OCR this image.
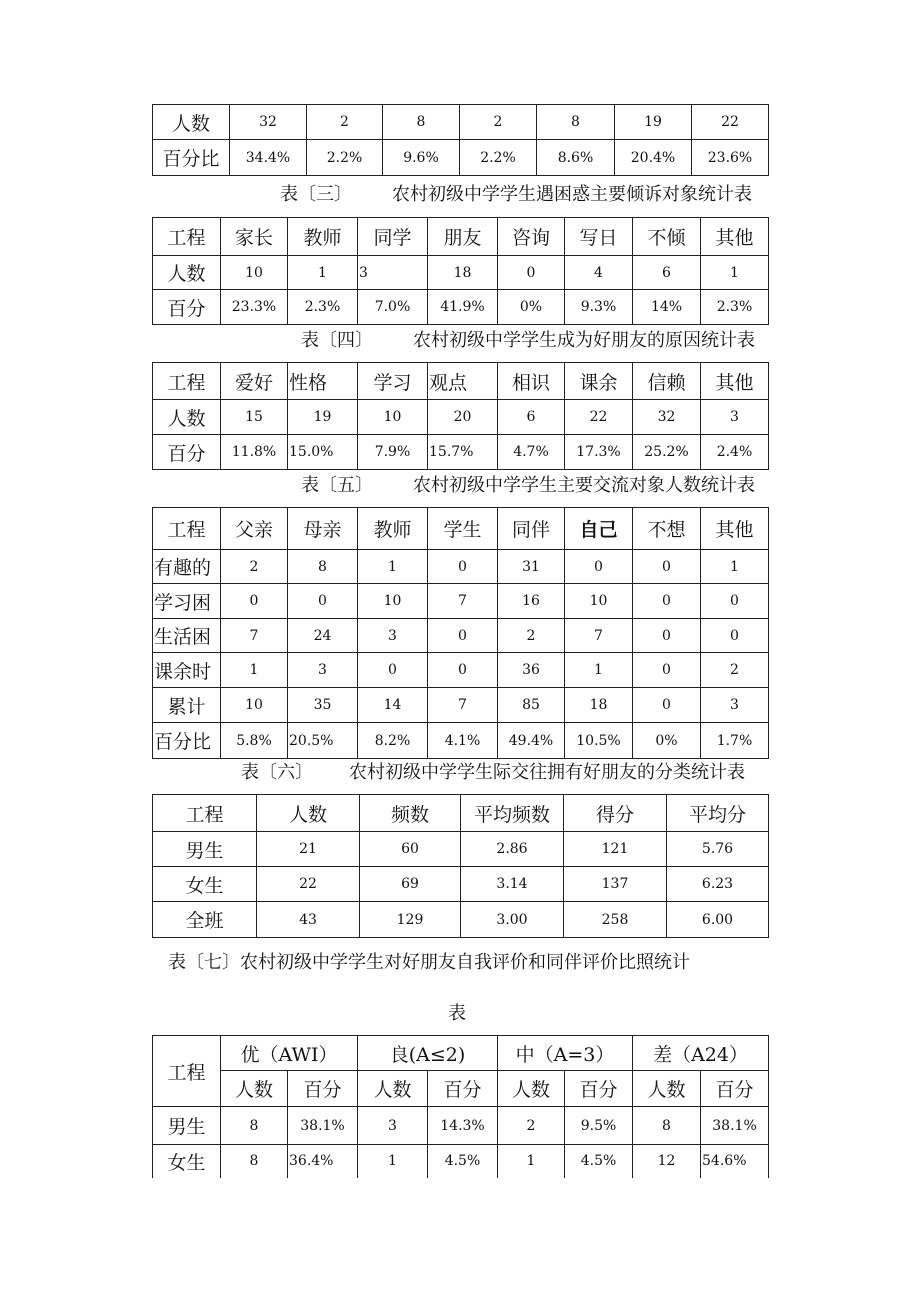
人数	32	2	8	2	8	19	22
百分比	34.4%	2.2%	9.6%	2.2%	8.6%	20.4%	23.6%
表〔三〕 农村初级中学学生遇困惑主要倾诉对象统计表
工程	家长	教师	同学	朋友	咨询	写日	不倾	其他
人数	10	1	3	18	0	4	6	1
百分	23.3%	2.3%	7.0%	41.9%	0%	9.3%	14%	2.3%
表〔四〕 农村初级中学学生成为好朋友的原因统计表
工程	爱好	性格	学习	观点	相识	课余	信赖	其他
人数	15	19	10	20	6	22	32	3
百分	11.8%	15.0%	7.9%	15.7%	4.7%	17.3%	25.2%	2.4%
表〔五〕 农村初级中学学生主要交流对象人数统计表
工程	父亲	母亲	教师	学生	同伴	自己	不想	其他
有趣的	2	8	1	0	31	0	0	1
学习困	0	0	10	7	16	10	0	0
生活困	7	24	3	0	2	7	0	0
课余时	1	3	0	0	36	1	0	2
累计	10	35	14	7	85	18	0	3
百分比	5.8%	20.5%	8.2%	4.1%	49.4%	10.5%	0%	1.7%
表〔六〕 农村初级中学学生际交往拥有好朋友的分类统计表
工程	人数	频数	平均频数	得分	平均分
男生	21	60	2.86	121	5.76
女生	22	69	3.14	137	6.23
全班	43	129	3.00	258	6.00
表〔七〕农村初级中学学生对好朋友自我评价和同伴评价比照统计
表
工程	优（AWI）		良(A≤2)		中（A=3）		差（A24）	
	人数	百分	人数	百分	人数	百分	人数	百分
男生	8	38.1%	3	14.3%	2	9.5%	8	38.1%
女生	8	36.4%	1	4.5%	1	4.5%	12	54.6%
